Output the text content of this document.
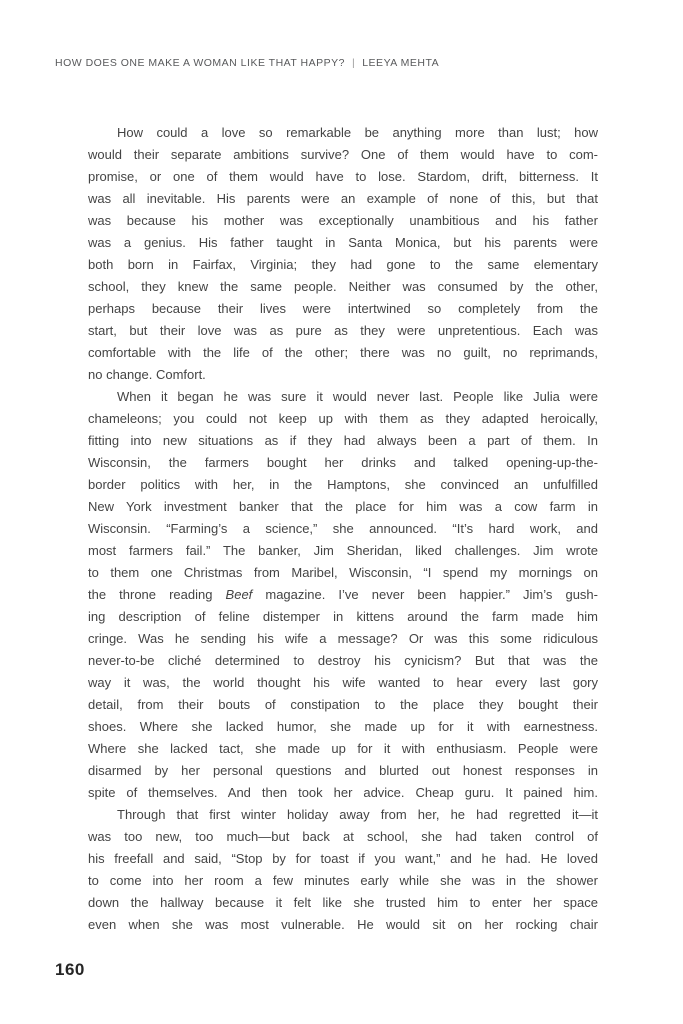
HOW DOES ONE MAKE A WOMAN LIKE THAT HAPPY? | LEEYA MEHTA
How could a love so remarkable be anything more than lust; how
would their separate ambitions survive? One of them would have to com-
promise, or one of them would have to lose. Stardom, drift, bitterness. It
was all inevitable. His parents were an example of none of this, but that
was because his mother was exceptionally unambitious and his father
was a genius. His father taught in Santa Monica, but his parents were
both born in Fairfax, Virginia; they had gone to the same elementary
school, they knew the same people. Neither was consumed by the other,
perhaps because their lives were intertwined so completely from the
start, but their love was as pure as they were unpretentious. Each was
comfortable with the life of the other; there was no guilt, no reprimands,
no change. Comfort.
When it began he was sure it would never last. People like Julia were
chameleons; you could not keep up with them as they adapted heroically,
fitting into new situations as if they had always been a part of them. In
Wisconsin, the farmers bought her drinks and talked opening-up-the-
border politics with her, in the Hamptons, she convinced an unfulfilled
New York investment banker that the place for him was a cow farm in
Wisconsin. “Farming’s a science,” she announced. “It’s hard work, and
most farmers fail.” The banker, Jim Sheridan, liked challenges. Jim wrote
to them one Christmas from Maribel, Wisconsin, “I spend my mornings on
the throne reading Beef magazine. I’ve never been happier.” Jim’s gush-
ing description of feline distemper in kittens around the farm made him
cringe. Was he sending his wife a message? Or was this some ridiculous
never-to-be cliché determined to destroy his cynicism? But that was the
way it was, the world thought his wife wanted to hear every last gory
detail, from their bouts of constipation to the place they bought their
shoes. Where she lacked humor, she made up for it with earnestness.
Where she lacked tact, she made up for it with enthusiasm. People were
disarmed by her personal questions and blurted out honest responses in
spite of themselves. And then took her advice. Cheap guru. It pained him.
Through that first winter holiday away from her, he had regretted it—it
was too new, too much—but back at school, she had taken control of
his freefall and said, “Stop by for toast if you want,” and he had. He loved
to come into her room a few minutes early while she was in the shower
down the hallway because it felt like she trusted him to enter her space
even when she was most vulnerable. He would sit on her rocking chair
160
